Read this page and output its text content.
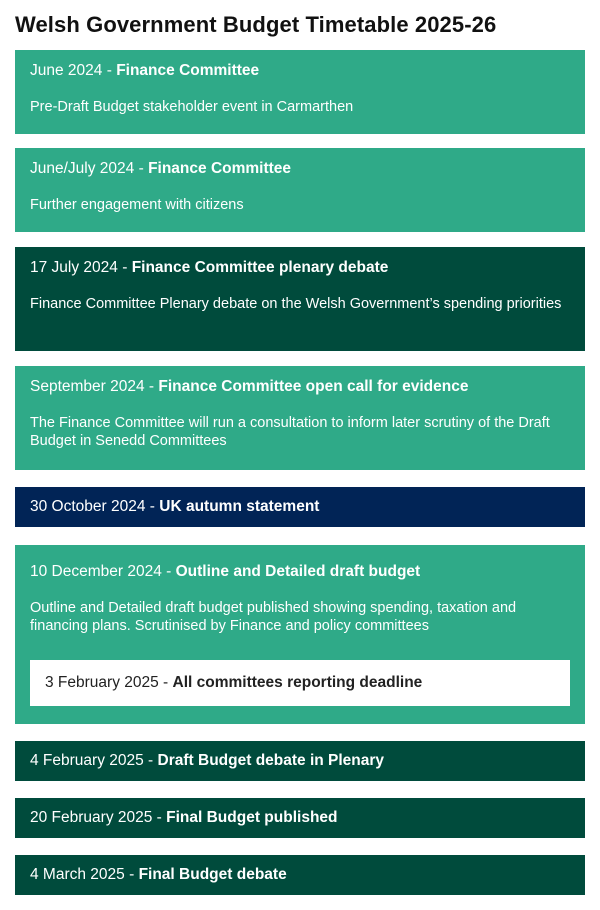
Welsh Government Budget Timetable 2025-26
June 2024 - Finance Committee
Pre-Draft Budget stakeholder event in Carmarthen
June/July 2024 - Finance Committee
Further engagement with citizens
17 July 2024 - Finance Committee plenary debate
Finance Committee Plenary debate on the Welsh Government’s spending priorities
September 2024 - Finance Committee open call for evidence
The Finance Committee will run a consultation to inform later scrutiny of the Draft Budget in Senedd Committees
30 October 2024 - UK autumn statement
10 December 2024 - Outline and Detailed draft budget
Outline and Detailed draft budget published showing spending, taxation and financing plans. Scrutinised by Finance and policy committees
3 February 2025 - All committees reporting deadline
4 February 2025 - Draft Budget debate in Plenary
20 February 2025 - Final Budget published
4 March 2025 - Final Budget debate
